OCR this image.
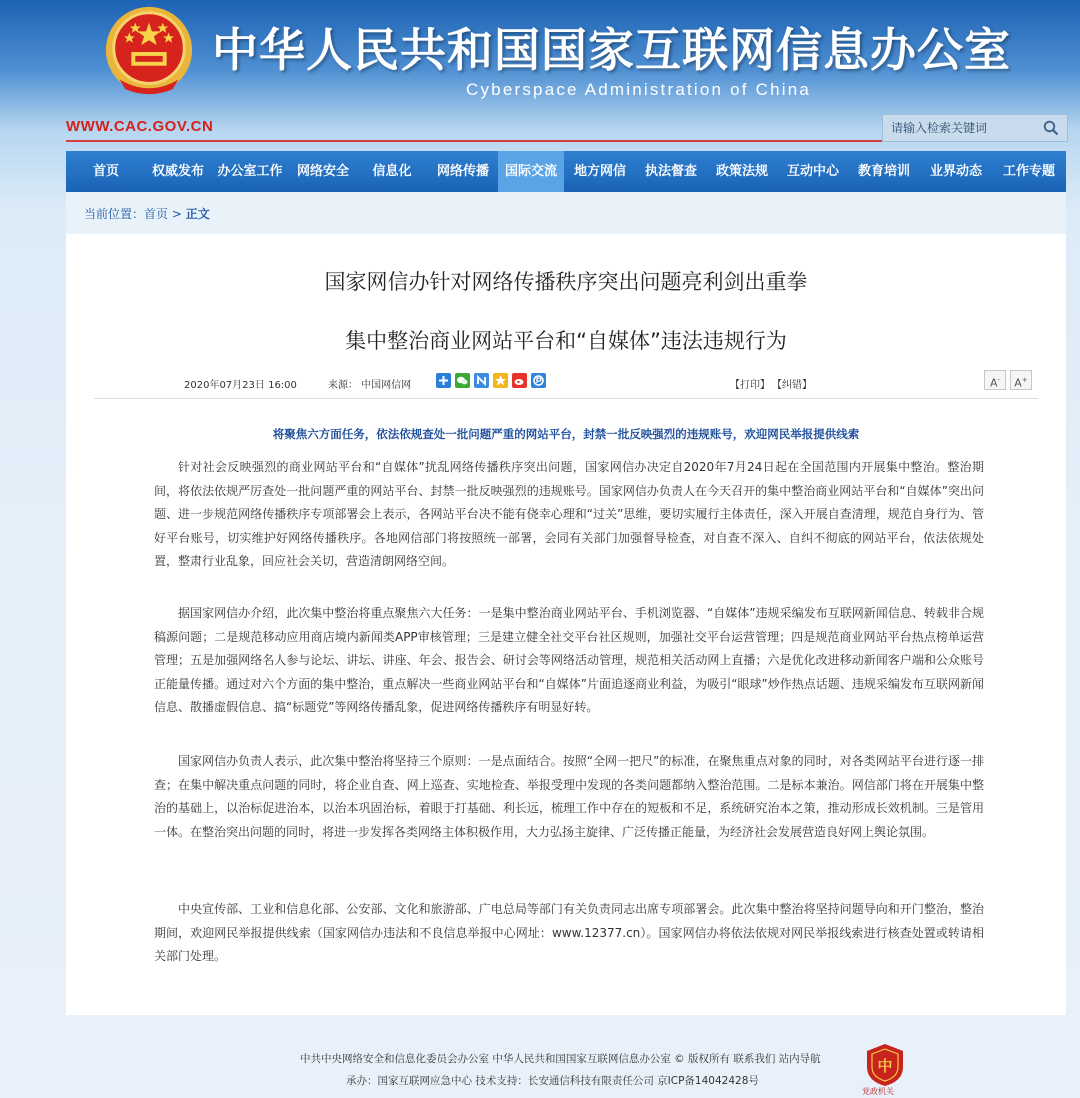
中华人民共和国国家互联网信息办公室
Cyberspace Administration of China
WWW.CAC.GOV.CN
请输入检索关键词
首页	权威发布	办公室工作	网络安全	信息化	网络传播	国际交流	地方网信	执法督查	政策法规	互动中心	教育培训	业界动态	工作专题
当前位置：首页 > 正文
国家网信办针对网络传播秩序突出问题亮利剑出重拳
集中整治商业网站平台和“自媒体”违法违规行为
2020年07月23日 16:00	来源： 中国网信网	【打印】 【纠错】	A-	A+
将聚焦六方面任务，依法依规查处一批问题严重的网站平台，封禁一批反映强烈的违规账号，欢迎网民举报提供线索

针对社会反映强烈的商业网站平台和“自媒体”扰乱网络传播秩序突出问题，国家网信办决定自2020年7月24日起在全国范围内开展集中整治。整治期间，将依法依规严厉查处一批问题严重的网站平台、封禁一批反映强烈的违规账号。国家网信办负责人在今天召开的集中整治商业网站平台和“自媒体”突出问题、进一步规范网络传播秩序专项部署会上表示，各网站平台决不能有侥幸心理和“过关”思维，要切实履行主体责任，深入开展自查清理，规范自身行为、管好平台账号，切实维护好网络传播秩序。各地网信部门将按照统一部署，会同有关部门加强督导检查，对自查不深入、自纠不彻底的网站平台，依法依规处置，整肃行业乱象，回应社会关切，营造清朗网络空间。

据国家网信办介绍，此次集中整治将重点聚焦六大任务：一是集中整治商业网站平台、手机浏览器、“自媒体”违规采编发布互联网新闻信息、转载非合规稿源问题；二是规范移动应用商店境内新闻类APP审核管理；三是建立健全社交平台社区规则，加强社交平台运营管理；四是规范商业网站平台热点榜单运营管理；五是加强网络名人参与论坛、讲坛、讲座、年会、报告会、研讨会等网络活动管理，规范相关活动网上直播；六是优化改进移动新闻客户端和公众账号正能量传播。通过对六个方面的集中整治，重点解决一些商业网站平台和“自媒体”片面追逐商业利益，为吸引“眼球”炒作热点话题、违规采编发布互联网新闻信息、散播虚假信息、搞“标题党”等网络传播乱象，促进网络传播秩序有明显好转。

国家网信办负责人表示，此次集中整治将坚持三个原则：一是点面结合。按照“全网一把尺”的标准，在聚焦重点对象的同时，对各类网站平台进行逐一排查；在集中解决重点问题的同时，将企业自查、网上巡查、实地检查、举报受理中发现的各类问题都纳入整治范围。二是标本兼治。网信部门将在开展集中整治的基础上，以治标促进治本，以治本巩固治标，着眼于打基础、利长远，梳理工作中存在的短板和不足，系统研究治本之策，推动形成长效机制。三是管用一体。在整治突出问题的同时，将进一步发挥各类网络主体积极作用，大力弘扬主旋律、广泛传播正能量，为经济社会发展营造良好网上舆论氛围。

中央宣传部、工业和信息化部、公安部、文化和旅游部、广电总局等部门有关负责同志出席专项部署会。此次集中整治将坚持问题导向和开门整治，整治期间，欢迎网民举报提供线索（国家网信办违法和不良信息举报中心网址：www.12377.cn）。国家网信办将依法依规对网民举报线索进行核查处置或转请相关部门处理。

中共中央网络安全和信息化委员会办公室 中华人民共和国国家互联网信息办公室 © 版权所有 联系我们 站内导航
承办：国家互联网应急中心 技术支持：长安通信科技有限责任公司 京ICP备14042428号
中
党政机关
